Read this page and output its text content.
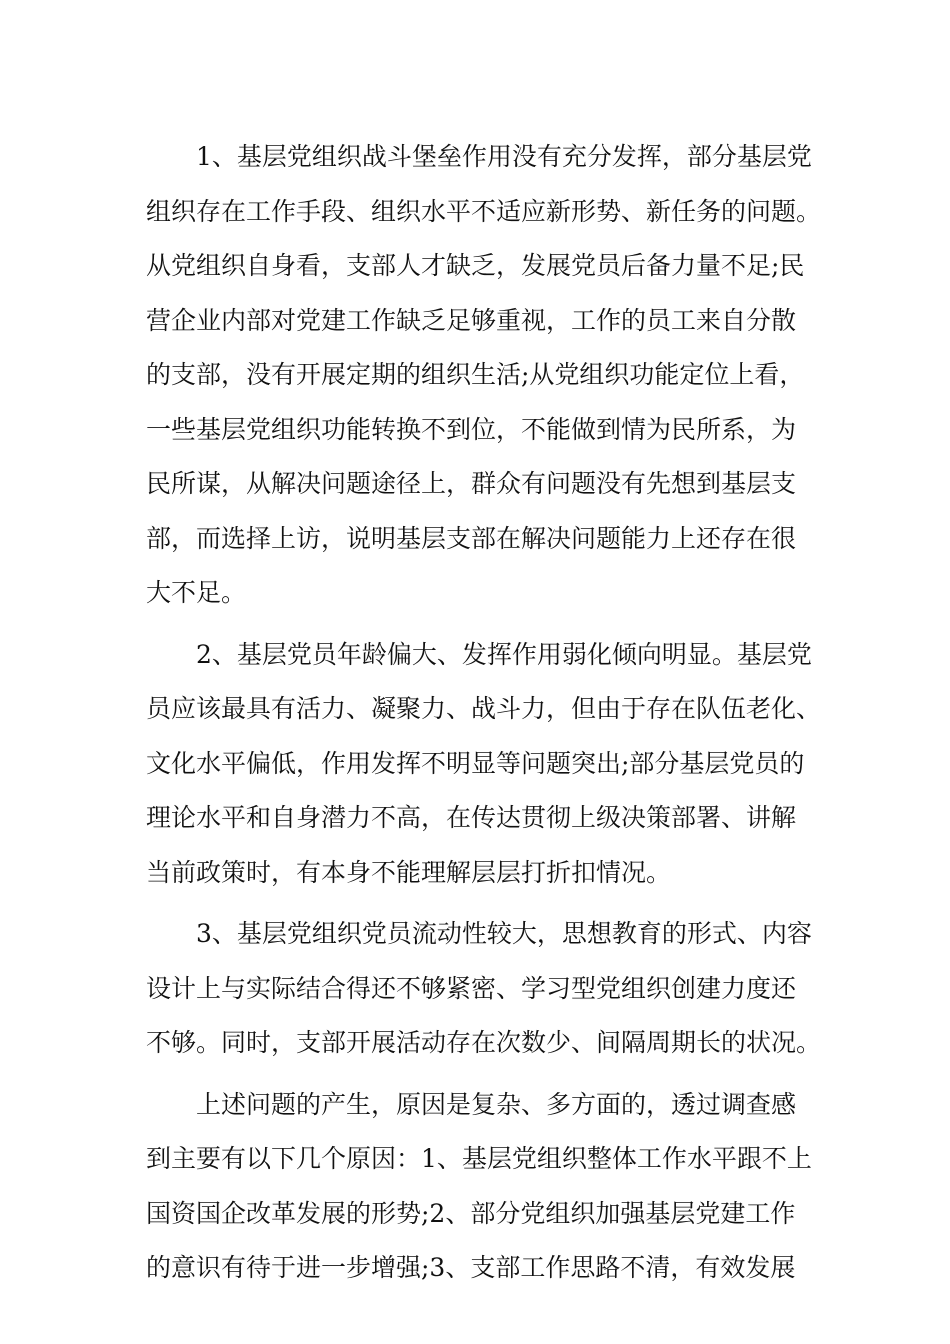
1、基层党组织战斗堡垒作用没有充分发挥，部分基层党
组织存在工作手段、组织水平不适应新形势、新任务的问题。
从党组织自身看，支部人才缺乏，发展党员后备力量不足;民
营企业内部对党建工作缺乏足够重视，工作的员工来自分散
的支部，没有开展定期的组织生活;从党组织功能定位上看，
一些基层党组织功能转换不到位，不能做到情为民所系，为
民所谋，从解决问题途径上，群众有问题没有先想到基层支
部，而选择上访，说明基层支部在解决问题能力上还存在很
大不足。
2、基层党员年龄偏大、发挥作用弱化倾向明显。基层党
员应该最具有活力、凝聚力、战斗力，但由于存在队伍老化、
文化水平偏低，作用发挥不明显等问题突出;部分基层党员的
理论水平和自身潜力不高，在传达贯彻上级决策部署、讲解
当前政策时，有本身不能理解层层打折扣情况。
3、基层党组织党员流动性较大，思想教育的形式、内容
设计上与实际结合得还不够紧密、学习型党组织创建力度还
不够。同时，支部开展活动存在次数少、间隔周期长的状况。
上述问题的产生，原因是复杂、多方面的，透过调查感
到主要有以下几个原因：1、基层党组织整体工作水平跟不上
国资国企改革发展的形势;2、部分党组织加强基层党建工作
的意识有待于进一步增强;3、支部工作思路不清，有效发展
